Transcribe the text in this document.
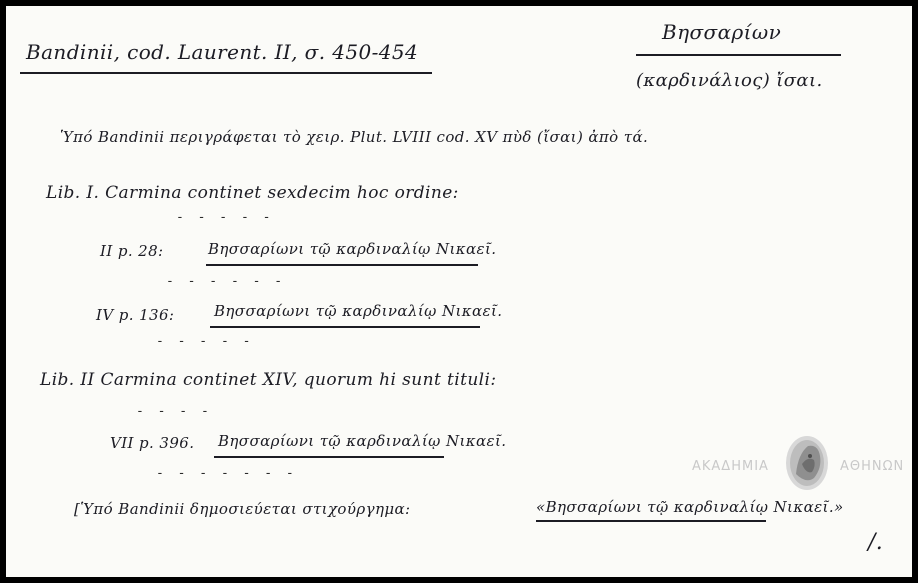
Bandinii, cod. Laurent. II, σ. 450-454
Βησσαρίων
(καρδινάλιος) ἴσαι.
Ὑπό Bandinii περιγράφεται τὸ χειρ. Plut. LVIII cod. XV πὺδ (ἴσαι) ἀπὸ τά.
Lib. I. Carmina continet sexdecim hoc ordine:
- - - - -
II p. 28:	Βησσαρίωνι τῷ καρδιναλίῳ Νικαεῖ.
- - - - - -
IV p. 136:	Βησσαρίωνι τῷ καρδιναλίῳ Νικαεῖ.
- - - - -
Lib. II Carmina continet XIV, quorum hi sunt tituli:
- - - -
VII p. 396. Βησσαρίωνι τῷ καρδιναλίῳ Νικαεῖ.
- - - - - - -
[Ὑπό Bandinii δημοσιεύεται στιχούργημα:	«Βησσαρίωνι τῷ καρδιναλίῳ Νικαεῖ.»
/.
ΑΚΑΔΗΜΙΑ	ΑΘΗΝΩΝ
